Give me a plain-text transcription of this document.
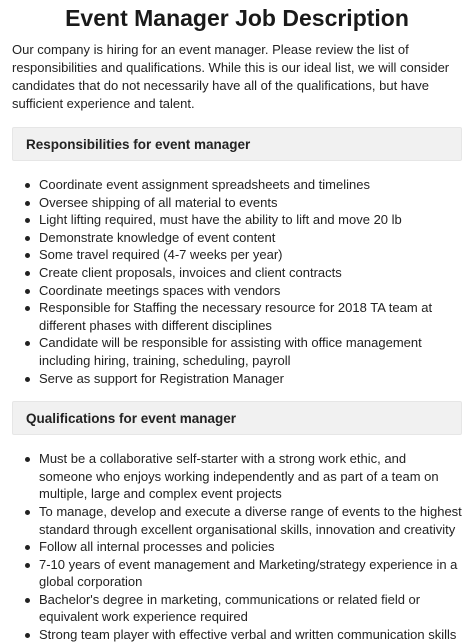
Event Manager Job Description

Our company is hiring for an event manager. Please review the list of responsibilities and qualifications. While this is our ideal list, we will consider candidates that do not necessarily have all of the qualifications, but have sufficient experience and talent.

Responsibilities for event manager
Coordinate event assignment spreadsheets and timelines
Oversee shipping of all material to events
Light lifting required, must have the ability to lift and move 20 lb
Demonstrate knowledge of event content
Some travel required (4-7 weeks per year)
Create client proposals, invoices and client contracts
Coordinate meetings spaces with vendors
Responsible for Staffing the necessary resource for 2018 TA team at different phases with different disciplines
Candidate will be responsible for assisting with office management including hiring, training, scheduling, payroll
Serve as support for Registration Manager
Qualifications for event manager
Must be a collaborative self-starter with a strong work ethic, and someone who enjoys working independently and as part of a team on multiple, large and complex event projects
To manage, develop and execute a diverse range of events to the highest standard through excellent organisational skills, innovation and creativity
Follow all internal processes and policies
7-10 years of event management and Marketing/strategy experience in a global corporation
Bachelor's degree in marketing, communications or related field or equivalent work experience required
Strong team player with effective verbal and written communication skills
